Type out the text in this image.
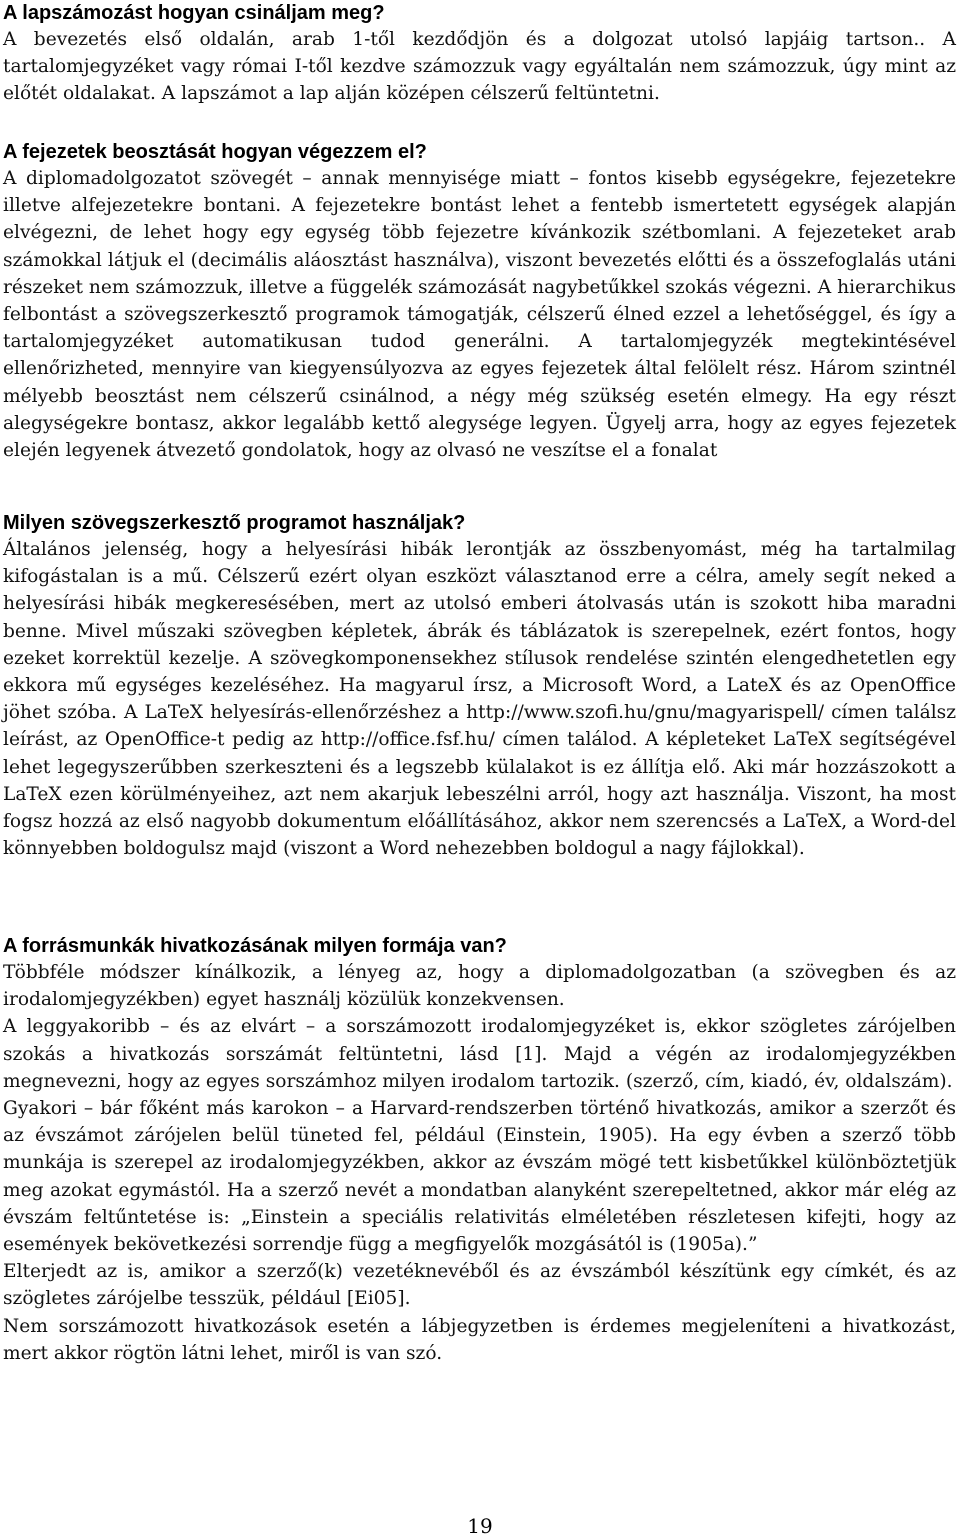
A lapszámozást hogyan csináljam meg?

A bevezetés első oldalán, arab 1-től kezdődjön és a dolgozat utolsó lapjáig tartson.. A tartalomjegyzéket vagy római I-től kezdve számozzuk vagy egyáltalán nem számozzuk, úgy mint az előtét oldalakat. A lapszámot a lap alján középen célszerű feltüntetni.

A fejezetek beosztását hogyan végezzem el?

A diplomadolgozatot szövegét – annak mennyisége miatt – fontos kisebb egységekre, fejezetekre illetve alfejezetekre bontani. A fejezetekre bontást lehet a fentebb ismertetett egységek alapján elvégezni, de lehet hogy egy egység több fejezetre kívánkozik szétbomlani. A fejezeteket arab számokkal látjuk el (decimális aláosztást használva), viszont bevezetés előtti és a összefoglalás utáni részeket nem számozzuk, illetve a függelék számozását nagybetűkkel szokás végezni. A hierarchikus felbontást a szövegszerkesztő programok támogatják, célszerű élned ezzel a lehetőséggel, és így a tartalomjegyzéket automatikusan tudod generálni. A tartalomjegyzék megtekintésével ellenőrizheted, mennyire van kiegyensúlyozva az egyes fejezetek által felölelt rész. Három szintnél mélyebb beosztást nem célszerű csinálnod, a négy még szükség esetén elmegy. Ha egy részt alegységekre bontasz, akkor legalább kettő alegysége legyen. Ügyelj arra, hogy az egyes fejezetek elején legyenek átvezető gondolatok, hogy az olvasó ne veszítse el a fonalat

Milyen szövegszerkesztő programot használjak?

Általános jelenség, hogy a helyesírási hibák lerontják az összbenyomást, még ha tartalmilag kifogástalan is a mű. Célszerű ezért olyan eszközt választanod erre a célra, amely segít neked a helyesírási hibák megkeresésében, mert az utolsó emberi átolvasás után is szokott hiba maradni benne. Mivel műszaki szövegben képletek, ábrák és táblázatok is szerepelnek, ezért fontos, hogy ezeket korrektül kezelje. A szövegkomponensekhez stílusok rendelése szintén elengedhetetlen egy ekkora mű egységes kezeléséhez. Ha magyarul írsz, a Microsoft Word, a LateX és az OpenOffice jöhet szóba. A LaTeX helyesírás-ellenőrzéshez a http://www.szofi.hu/gnu/magyarispell/ címen találsz leírást, az OpenOffice-t pedig az http://office.fsf.hu/ címen találod. A képleteket LaTeX segítségével lehet legegyszerűbben szerkeszteni és a legszebb külalakot is ez állítja elő. Aki már hozzászokott a LaTeX ezen körülményeihez, azt nem akarjuk lebeszélni arról, hogy azt használja. Viszont, ha most fogsz hozzá az első nagyobb dokumentum előállításához, akkor nem szerencsés a LaTeX, a Word-del könnyebben boldogulsz majd (viszont a Word nehezebben boldogul a nagy fájlokkal).

A forrásmunkák hivatkozásának milyen formája van?

Többféle módszer kínálkozik, a lényeg az, hogy a diplomadolgozatban (a szövegben és az irodalomjegyzékben) egyet használj közülük konzekvensen.

A leggyakoribb – és az elvárt – a sorszámozott irodalomjegyzéket is, ekkor szögletes zárójelben szokás a hivatkozás sorszámát feltüntetni, lásd [1]. Majd a végén az irodalomjegyzékben megnevezni, hogy az egyes sorszámhoz milyen irodalom tartozik. (szerző, cím, kiadó, év, oldalszám).

Gyakori – bár főként más karokon – a Harvard-rendszerben történő hivatkozás, amikor a szerzőt és az évszámot zárójelen belül tüneted fel, például (Einstein, 1905). Ha egy évben a szerző több munkája is szerepel az irodalomjegyzékben, akkor az évszám mögé tett kisbetűkkel különböztetjük meg azokat egymástól. Ha a szerző nevét a mondatban alanyként szerepeltetned, akkor már elég az évszám feltűntetése is: „Einstein a speciális relativitás elméletében részletesen kifejti, hogy az események bekövetkezési sorrendje függ a megfigyelők mozgásától is (1905a).”

Elterjedt az is, amikor a szerző(k) vezetéknevéből és az évszámból készítünk egy címkét, és az szögletes zárójelbe tesszük, például [Ei05].

Nem sorszámozott hivatkozások esetén a lábjegyzetben is érdemes megjeleníteni a hivatkozást, mert akkor rögtön látni lehet, miről is van szó.

19
